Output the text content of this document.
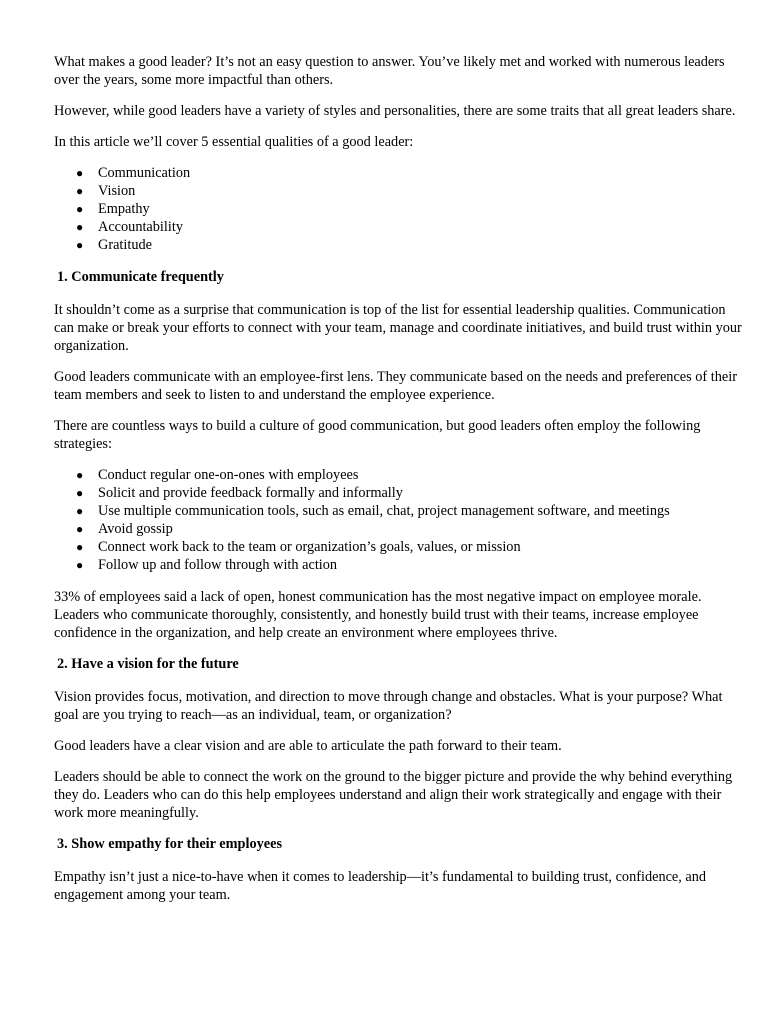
What makes a good leader? It’s not an easy question to answer. You’ve likely met and worked with numerous leaders over the years, some more impactful than others.

However, while good leaders have a variety of styles and personalities, there are some traits that all great leaders share.

In this article we’ll cover 5 essential qualities of a good leader:

● Communication
● Vision
● Empathy
● Accountability
● Gratitude
1. Communicate frequently

It shouldn’t come as a surprise that communication is top of the list for essential leadership qualities. Communication can make or break your efforts to connect with your team, manage and coordinate initiatives, and build trust within your organization.

Good leaders communicate with an employee-first lens. They communicate based on the needs and preferences of their team members and seek to listen to and understand the employee experience.

There are countless ways to build a culture of good communication, but good leaders often employ the following strategies:

● Conduct regular one-on-ones with employees
● Solicit and provide feedback formally and informally
● Use multiple communication tools, such as email, chat, project management software, and meetings
● Avoid gossip
● Connect work back to the team or organization’s goals, values, or mission
● Follow up and follow through with action

33% of employees said a lack of open, honest communication has the most negative impact on employee morale. Leaders who communicate thoroughly, consistently, and honestly build trust with their teams, increase employee confidence in the organization, and help create an environment where employees thrive.

2. Have a vision for the future

Vision provides focus, motivation, and direction to move through change and obstacles. What is your purpose? What goal are you trying to reach—as an individual, team, or organization?

Good leaders have a clear vision and are able to articulate the path forward to their team.

Leaders should be able to connect the work on the ground to the bigger picture and provide the why behind everything they do. Leaders who can do this help employees understand and align their work strategically and engage with their work more meaningfully.

3. Show empathy for their employees

Empathy isn’t just a nice-to-have when it comes to leadership—it’s fundamental to building trust, confidence, and engagement among your team.
